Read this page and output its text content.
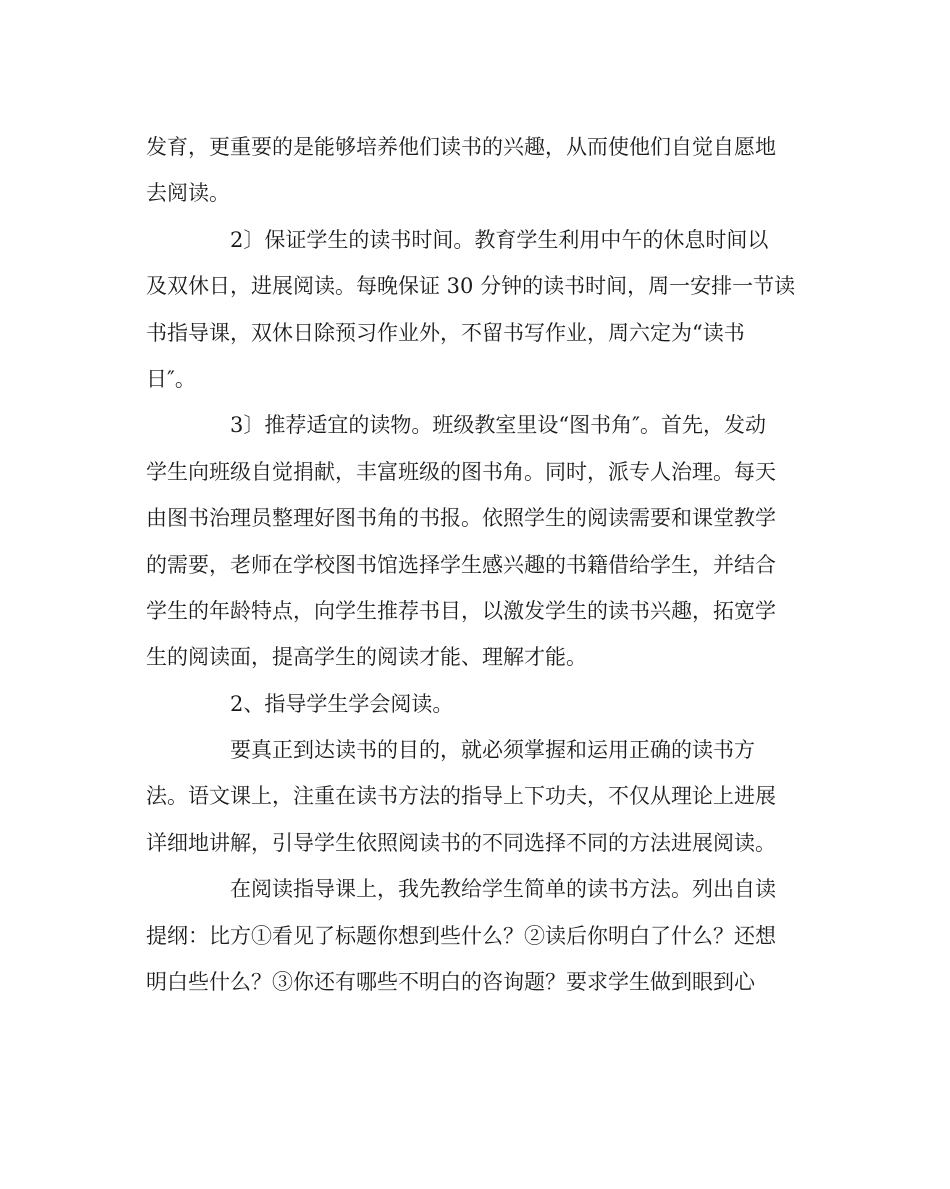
发育，更重要的是能够培养他们读书的兴趣，从而使他们自觉自愿地
去阅读。
2〕保证学生的读书时间。教育学生利用中午的休息时间以
及双休日，进展阅读。每晚保证 30 分钟的读书时间，周一安排一节读
书指导课，双休日除预习作业外，不留书写作业，周六定为“读书
日″。
3〕推荐适宜的读物。班级教室里设“图书角″。首先，发动
学生向班级自觉捐献，丰富班级的图书角。同时，派专人治理。每天
由图书治理员整理好图书角的书报。依照学生的阅读需要和课堂教学
的需要，老师在学校图书馆选择学生感兴趣的书籍借给学生，并结合
学生的年龄特点，向学生推荐书目，以激发学生的读书兴趣，拓宽学
生的阅读面，提高学生的阅读才能、理解才能。
2、指导学生学会阅读。
要真正到达读书的目的，就必须掌握和运用正确的读书方
法。语文课上，注重在读书方法的指导上下功夫，不仅从理论上进展
详细地讲解，引导学生依照阅读书的不同选择不同的方法进展阅读。
在阅读指导课上，我先教给学生简单的读书方法。列出自读
提纲：比方①看见了标题你想到些什么？②读后你明白了什么？还想
明白些什么？③你还有哪些不明白的咨询题？要求学生做到眼到心
